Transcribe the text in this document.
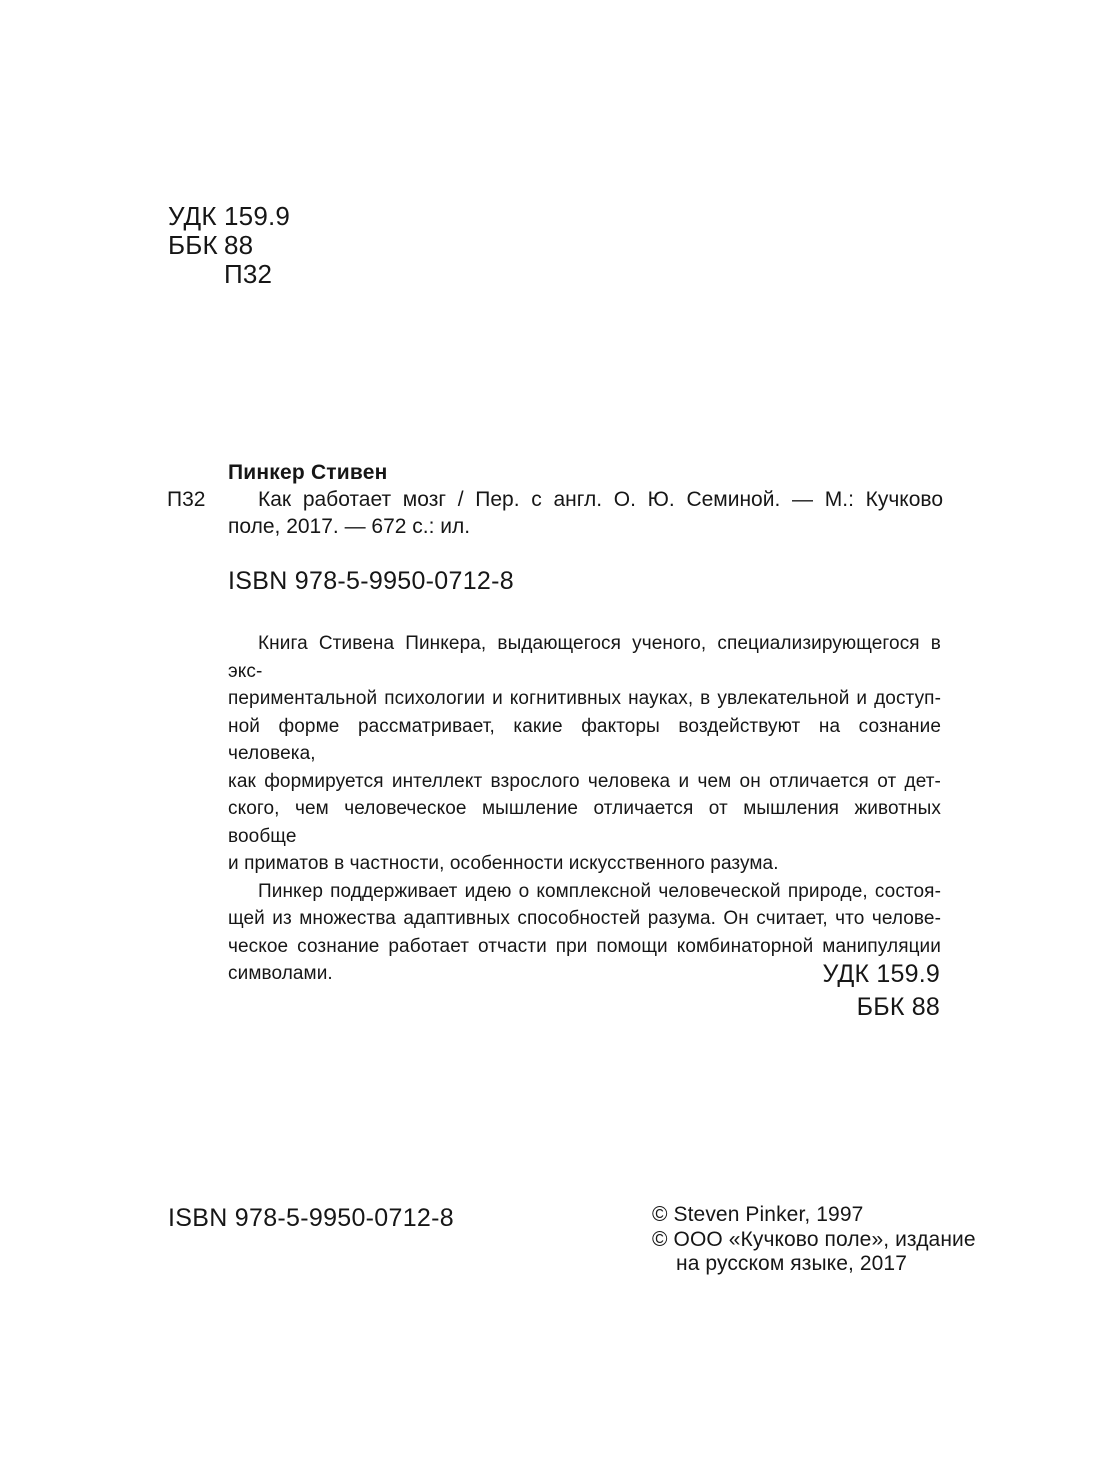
УДК 159.9
ББК 88
П32
Пинкер Стивен
П32	Как работает мозг / Пер. с англ. О. Ю. Семиной. — М.: Кучково
поле, 2017. — 672 с.: ил.
ISBN 978-5-9950-0712-8
Книга Стивена Пинкера, выдающегося ученого, специализирующегося в экс-
периментальной психологии и когнитивных науках, в увлекательной и доступ-
ной форме рассматривает, какие факторы воздействуют на сознание человека,
как формируется интеллект взрослого человека и чем он отличается от дет-
ского, чем человеческое мышление отличается от мышления животных вообще
и приматов в частности, особенности искусственного разума.
Пинкер поддерживает идею о комплексной человеческой природе, состоя-
щей из множества адаптивных способностей разума. Он считает, что челове-
ческое сознание работает отчасти при помощи комбинаторной манипуляции
символами.	УДК 159.9
ББК 88
ISBN 978-5-9950-0712-8	© Steven Pinker, 1997
© ООО «Кучково поле», издание
на русском языке, 2017
